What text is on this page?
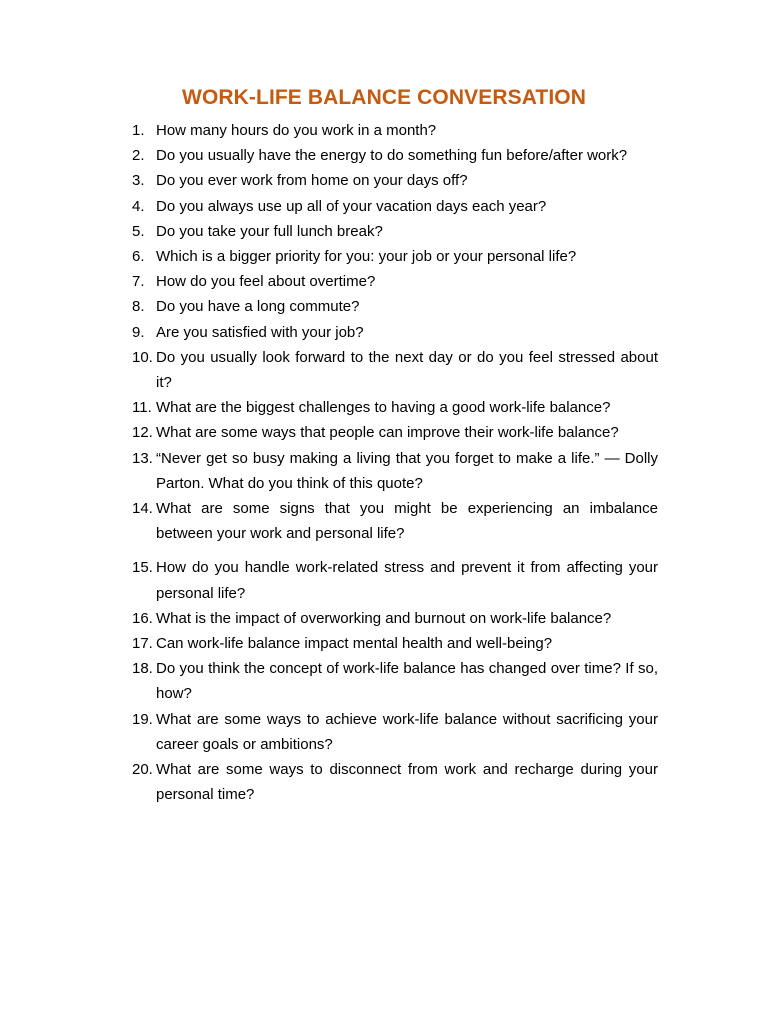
WORK-LIFE BALANCE CONVERSATION
1. How many hours do you work in a month?
2. Do you usually have the energy to do something fun before/after work?
3. Do you ever work from home on your days off?
4. Do you always use up all of your vacation days each year?
5. Do you take your full lunch break?
6. Which is a bigger priority for you: your job or your personal life?
7. How do you feel about overtime?
8. Do you have a long commute?
9. Are you satisfied with your job?
10. Do you usually look forward to the next day or do you feel stressed about it?
11. What are the biggest challenges to having a good work-life balance?
12. What are some ways that people can improve their work-life balance?
13. “Never get so busy making a living that you forget to make a life.” — Dolly Parton. What do you think of this quote?
14. What are some signs that you might be experiencing an imbalance between your work and personal life?
15. How do you handle work-related stress and prevent it from affecting your personal life?
16. What is the impact of overworking and burnout on work-life balance?
17. Can work-life balance impact mental health and well-being?
18. Do you think the concept of work-life balance has changed over time? If so, how?
19. What are some ways to achieve work-life balance without sacrificing your career goals or ambitions?
20. What are some ways to disconnect from work and recharge during your personal time?
